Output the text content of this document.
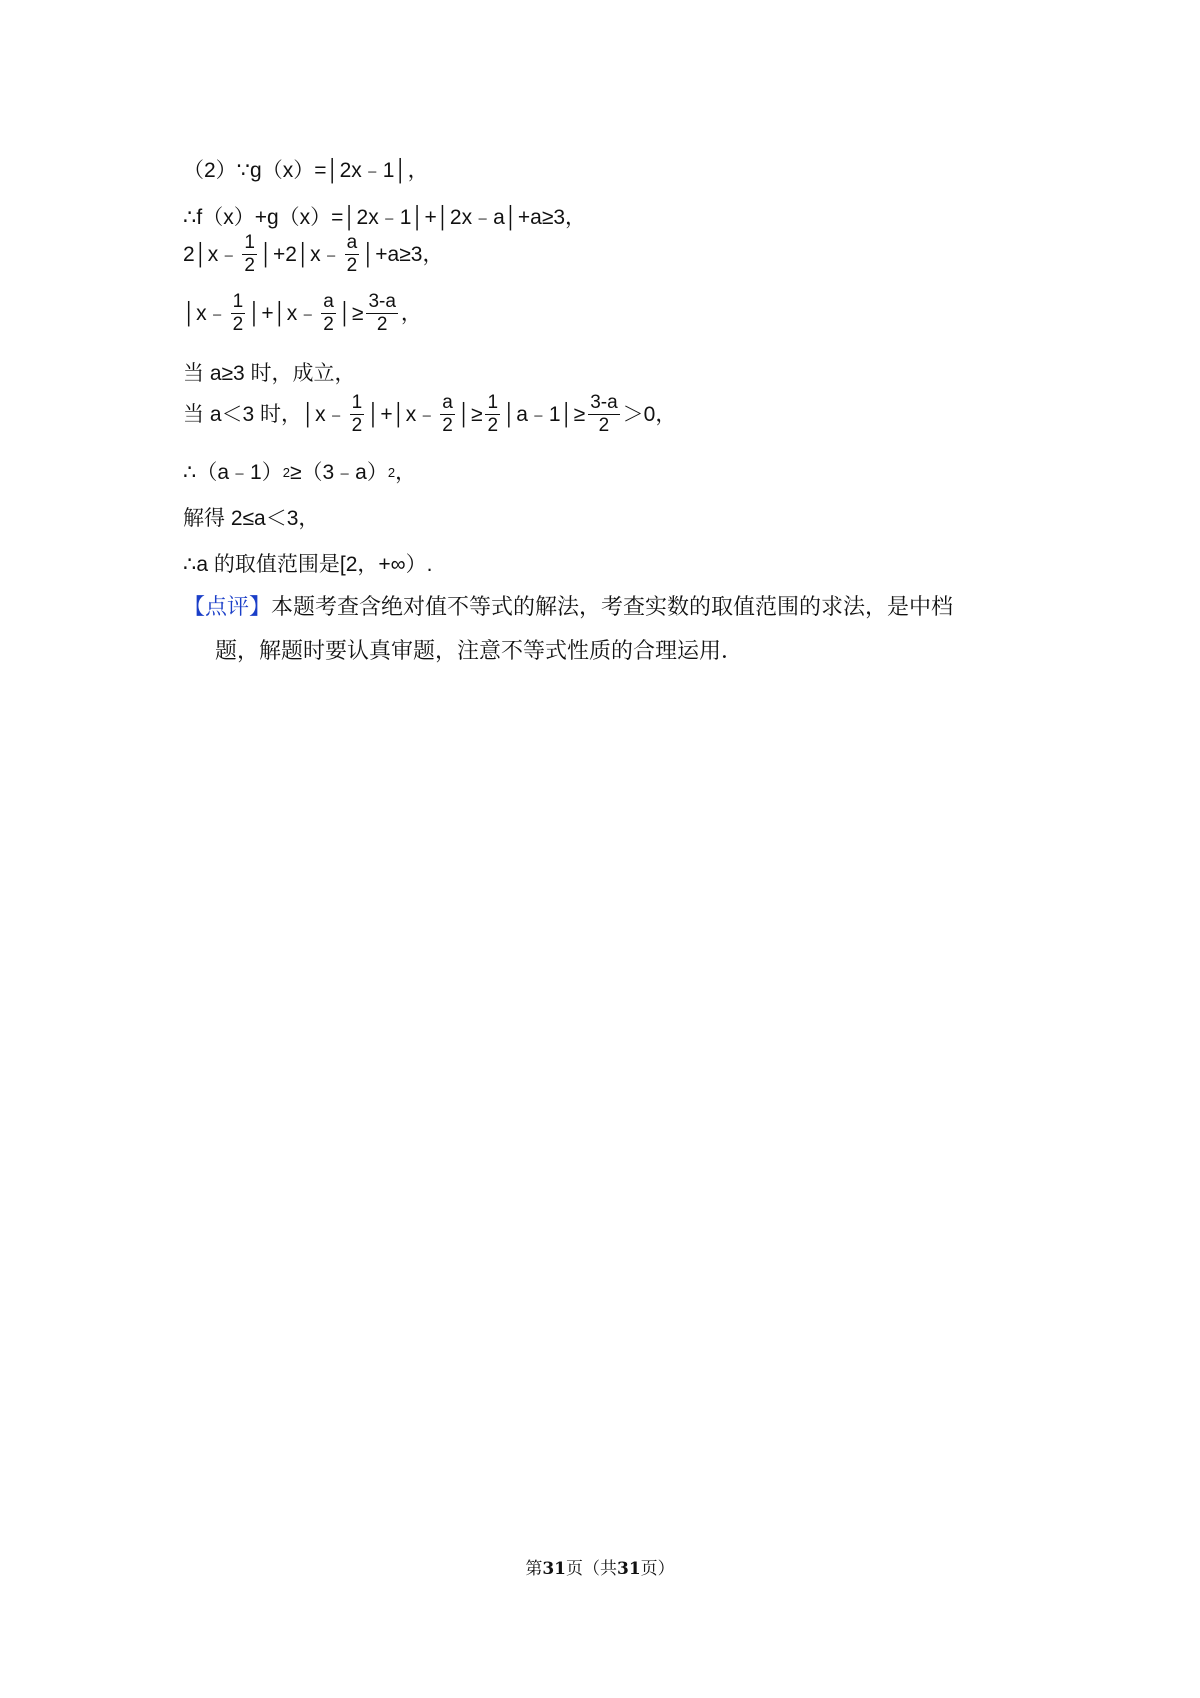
（2）∵g（x）=│2x﹣1│，
∴f（x）+g（x）=│2x﹣1│+│2x﹣a│+a≥3，
2│x﹣ $\frac{1}{2}$ │+2│x﹣ $\frac{a}{2}$ │+a≥3，
│x﹣ $\frac{1}{2}$ │+│x﹣ $\frac{a}{2}$ │≥ $\frac{3-a}{2}$ ，
当 a≥3 时，成立，
当 a＜3 时，│x﹣ $\frac{1}{2}$ │+│x﹣ $\frac{a}{2}$ │≥ $\frac{1}{2}$ │a﹣1│≥ $\frac{3-a}{2} >0$，
∴（a﹣1） 2 ≥（3﹣a） 2 ，
解得 2≤a＜3，
∴a 的取值范围是[2，+∞）.
【点评】本题考查含绝对值不等式的解法，考查实数的取值范围的求法，是中档
题，解题时要认真审题，注意不等式性质的合理运用．
第31页（共31页）
